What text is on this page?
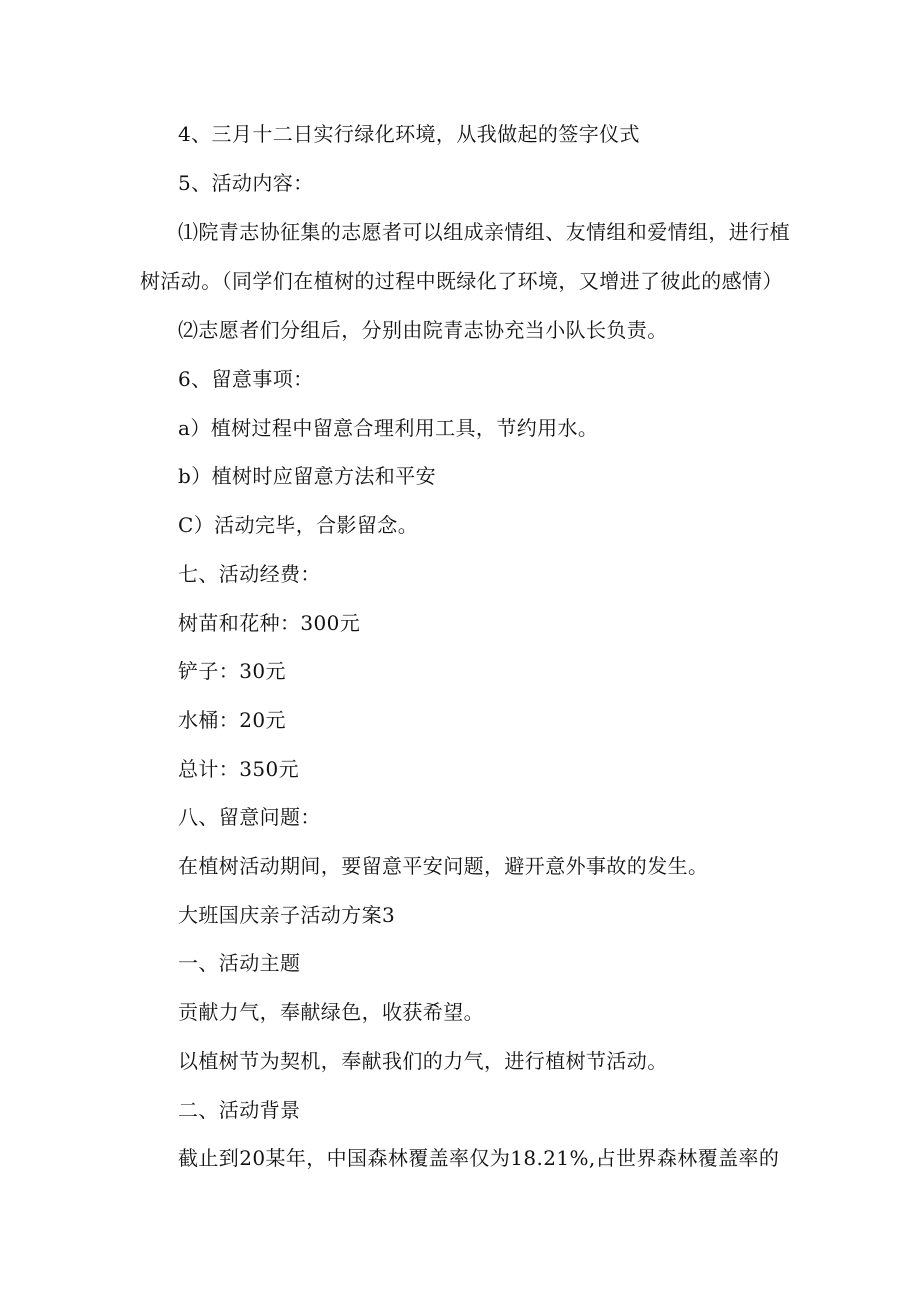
4、三月十二日实行绿化环境，从我做起的签字仪式
5、活动内容：
⑴院青志协征集的志愿者可以组成亲情组、友情组和爱情组，进行植
树活动。（同学们在植树的过程中既绿化了环境，又增进了彼此的感情）
⑵志愿者们分组后，分别由院青志协充当小队长负责。
6、留意事项：
a）植树过程中留意合理利用工具，节约用水。
b）植树时应留意方法和平安
C）活动完毕，合影留念。
七、活动经费：
树苗和花种：300元
铲子：30元
水桶：20元
总计：350元
八、留意问题：
在植树活动期间，要留意平安问题，避开意外事故的发生。
大班国庆亲子活动方案3
一、活动主题
贡献力气，奉献绿色，收获希望。
以植树节为契机，奉献我们的力气，进行植树节活动。
二、活动背景
截止到20某年，中国森林覆盖率仅为18.21%,占世界森林覆盖率的
